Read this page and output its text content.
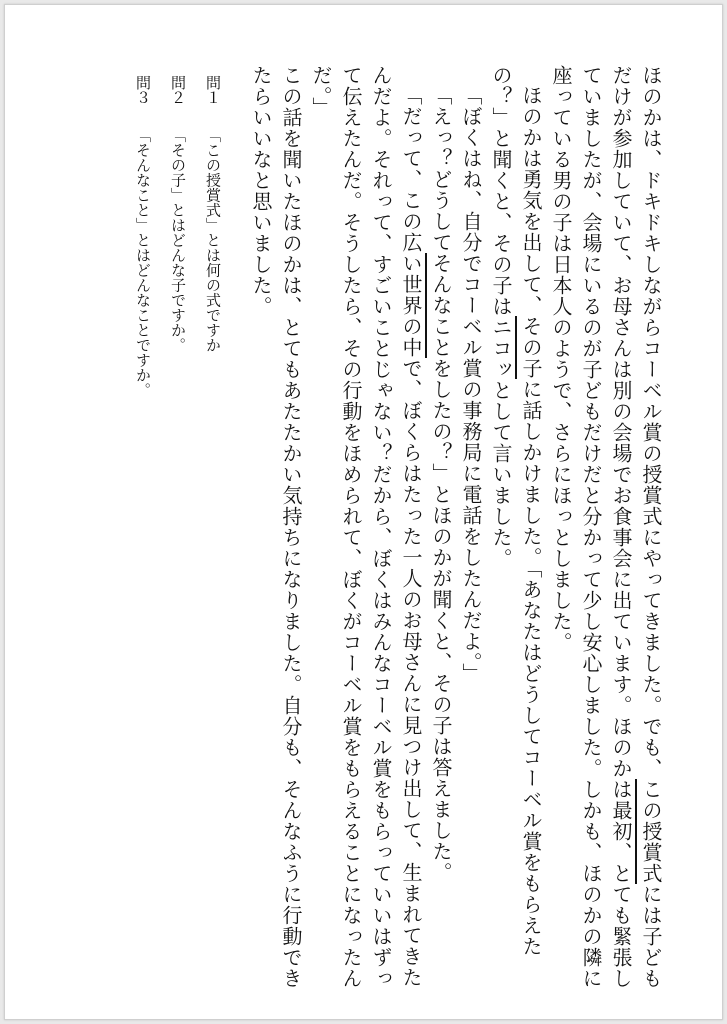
ほのかは、ドキドキしながらコーベル賞の授賞式にやってきました。でも、この授賞式には子どもだけが参加していて、お母さんは別の会場でお食事会に出ています。ほのかは最初、とても緊張していましたが、会場にいるのが子どもだけだと分かって少し安心しました。しかも、ほのかの隣に座っている男の子は日本人のようで、さらにほっとしました。

ほのかは勇気を出して、その子に話しかけました。「あなたはどうしてコーベル賞をもらえたの？」と聞くと、その子はニコッとして言いました。

「ぼくはね、自分でコーベル賞の事務局に電話をしたんだよ。」

「えっ？どうしてそんなことをしたの？」とほのかが聞くと、その子は答えました。

「だって、この広い世界の中で、ぼくらはたった一人のお母さんに見つけ出して、生まれてきたんだよ。それって、すごいことじゃない？だから、ぼくはみんなコーベル賞をもらっていいはずって伝えたんだ。そうしたら、その行動をほめられて、ぼくがコーベル賞をもらえることになったんだ。」

この話を聞いたほのかは、とてもあたたかい気持ちになりました。自分も、そんなふうに行動できたらいいなと思いました。

問１　　「この授賞式」とは何の式ですか

問２　　「その子」とはどんな子ですか。

問３　　「そんなこと」とはどんなことですか。
